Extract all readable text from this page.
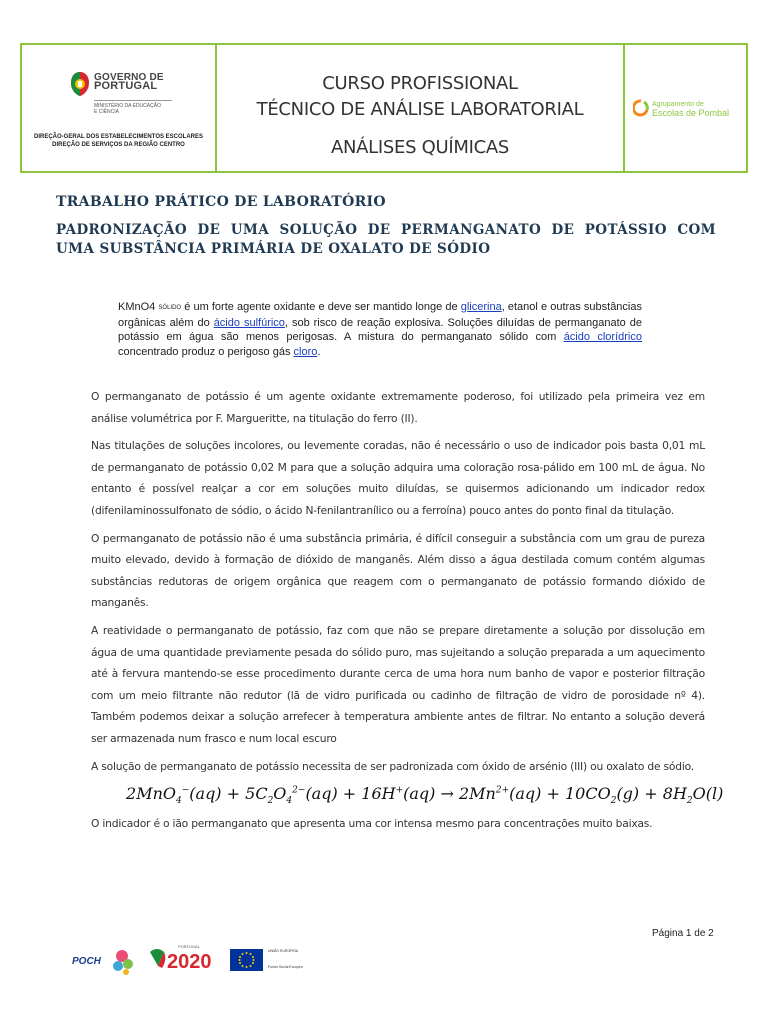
GOVERNO DE
PORTUGAL
MINISTÉRIO DA EDUCAÇÃO
E CIÊNCIA
DIREÇÃO-GERAL DOS ESTABELECIMENTOS ESCOLARES
DIREÇÃO DE SERVIÇOS DA REGIÃO CENTRO
CURSO PROFISSIONAL
TÉCNICO DE ANÁLISE LABORATORIAL
ANÁLISES QUÍMICAS
Agrupamento de
Escolas de Pombal
TRABALHO PRÁTICO DE LABORATÓRIO
PADRONIZAÇÃO DE UMA SOLUÇÃO DE PERMANGANATO DE POTÁSSIO COM UMA SUBSTÂNCIA PRIMÁRIA DE OXALATO DE SÓDIO
KMnO4 SÓLIDO é um forte agente oxidante e deve ser mantido longe de glicerina, etanol e outras substâncias orgânicas além do ácido sulfúrico, sob risco de reação explosiva. Soluções diluídas de permanganato de potássio em água são menos perigosas. A mistura do permanganato sólido com ácido clorídrico concentrado produz o perigoso gás cloro.

O permanganato de potássio é um agente oxidante extremamente poderoso, foi utilizado pela primeira vez em análise volumétrica por F. Margueritte, na titulação do ferro (II).

Nas titulações de soluções incolores, ou levemente coradas, não é necessário o uso de indicador pois basta 0,01 mL de permanganato de potássio 0,02 M para que a solução adquira uma coloração rosa-pálido em 100 mL de água. No entanto é possível realçar a cor em soluções muito diluídas, se quisermos adicionando um indicador redox (difenilaminossulfonato de sódio, o ácido N-fenilantranílico ou a ferroína) pouco antes do ponto final da titulação.

O permanganato de potássio não é uma substância primária, é difícil conseguir a substância com um grau de pureza muito elevado, devido à formação de dióxido de manganês. Além disso a água destilada comum contém algumas substâncias redutoras de origem orgânica que reagem com o permanganato de potássio formando dióxido de manganês.

A reatividade o permanganato de potássio, faz com que não se prepare diretamente a solução por dissolução em água de uma quantidade previamente pesada do sólido puro, mas sujeitando a solução preparada a um aquecimento até à fervura mantendo-se esse procedimento durante cerca de uma hora num banho de vapor e posterior filtração com um meio filtrante não redutor (lã de vidro purificada ou cadinho de filtração de vidro de porosidade nº 4). Também podemos deixar a solução arrefecer à temperatura ambiente antes de filtrar. No entanto a solução deverá ser armazenada num frasco e num local escuro

A solução de permanganato de potássio necessita de ser padronizada com óxido de arsénio (III) ou oxalato de sódio.

$2MnO_4^-(aq) + 5C_2O_4^{2-}(aq) + 16H^+(aq) \to 2Mn^{2+}(aq) + 10CO_2(g) + 8H_2O(l)$
O indicador é o ião permanganato que apresenta uma cor intensa mesmo para concentrações muito baixas.
Página 1 de 2
POCH
PORTUGAL
2020	UNIÃO EUROPEIA
Fundo Social Europeu
